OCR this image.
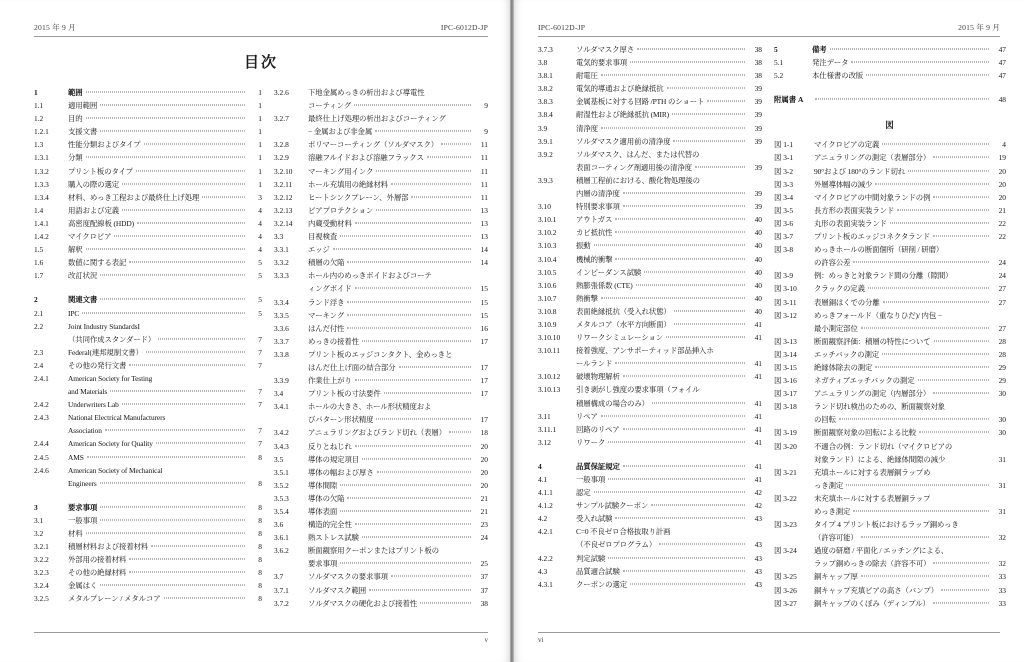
2015 年 9 月	IPC-6012D-JP
目次
1	範囲	1
1.1	適用範囲	1
1.2	目的	1
1.2.1	支援文書	1
1.3	性能分類およびタイプ	1
1.3.1	分類	1
1.3.2	プリント板のタイプ	1
1.3.3	購入の際の選定	1
1.3.4	材料、めっき工程および最終仕上げ処理	3
1.4	用語および定義	4
1.4.1	高密度配線板 (HDD)	4
1.4.2	マイクロビア	4
1.5	解釈	4
1.6	数値に関する表記	5
1.7	改訂状況	5
2	関連文書	5
2.1	IPC	5
2.2	Joint Industry StandardsI
（共同作成スタンダード）	7
2.3	Federal(連邦規制文書）	7
2.4	その他の発行文書	7
2.4.1	American Society for Testing
and Materials	7
2.4.2	Underwriters Lab	7
2.4.3	National Electrical Manufacturers
Association	7
2.4.4	American Society for Quality	7
2.4.5	AMS	8
2.4.6	American Society of Mechanical
Engineers	8
3	要求事項	8
3.1	一般事項	8
3.2	材料	8
3.2.1	積層材料および接着材料	8
3.2.2	外部用の接着材料	8
3.2.3	その他の絶縁材料	8
3.2.4	金属はく	8
3.2.5	メタルプレーン / メタルコア	8
3.2.6	下地金属めっきの析出および導電性
コーティング	9
3.2.7	最終仕上げ処理の析出およびコーティング
− 金属および非金属	9
3.2.8	ポリマーコーティング（ソルダマスク）	11
3.2.9	溶融フルイドおよび溶融フラックス	11
3.2.10	マーキング用インク	11
3.2.11	ホール充填用の絶縁材料	11
3.2.12	ヒートシンクプレーン、外層部	11
3.2.13	ビアプロテクション	13
3.2.14	内蔵受動材料	13
3.3	目視検査	13
3.3.1	エッジ	14
3.3.2	積層の欠陥	14
3.3.3	ホール内のめっきボイドおよびコーテ
ィングボイド	15
3.3.4	ランド浮き	15
3.3.5	マーキング	15
3.3.6	はんだ付性	16
3.3.7	めっきの接着性	17
3.3.8	プリント板のエッジコンタクト、金めっきと
はんだ仕上げ面の結合部分	17
3.3.9	作業仕上がり	17
3.4	プリント板の寸法要件	17
3.4.1	ホールの大きさ、ホール形状精度およ
びパターン形状精度	17
3.4.2	アニュラリングおよびランド切れ（表層）	18
3.4.3	反りとねじれ	20
3.5	導体の規定項目	20
3.5.1	導体の幅および厚さ	20
3.5.2	導体間隙	20
3.5.3	導体の欠陥	21
3.5.4	導体表面	21
3.6	構造的完全性	23
3.6.1	熱ストレス試験	24
3.6.2	断面観察用クーポンまたはプリント板の
要求事項	25
3.7	ソルダマスクの要求事項	37
3.7.1	ソルダマスク範囲	37
3.7.2	ソルダマスクの硬化および接着性	38
v
IPC-6012D-JP	2015 年 9 月
3.7.3	ソルダマスク厚さ	38
3.8	電気的要求事項	38
3.8.1	耐電圧	38
3.8.2	電気的導通および絶縁抵抗	39
3.8.3	金属基板に対する回路 /PTH のショート	39
3.8.4	耐湿性および絶縁抵抗 (MIR)	39
3.9	清浄度	39
3.9.1	ソルダマスク適用前の清浄度	39
3.9.2	ソルダマスク、はんだ、または代替の
表面コーティング剤適用後の清浄度	39
3.9.3	積層工程前における、酸化物処理後の
内層の清浄度	39
3.10	特別要求事項	39
3.10.1	アウトガス	40
3.10.2	カビ抵抗性	40
3.10.3	振動	40
3.10.4	機械的衝撃	40
3.10.5	インピーダンス試験	40
3.10.6	熱膨張係数 (CTE)	40
3.10.7	熱衝撃	40
3.10.8	表面絶縁抵抗（受入れ状態）	40
3.10.9	メタルコア（水平方向断面）	41
3.10.10	リワークシミュレーション	41
3.10.11	接着強度、アンサポーティッド部品挿入ホ
ールランド	41
3.10.12	破壊物理解析	41
3.10.13	引き剥がし強度の要求事項（フォイル
積層構成の場合のみ）	41
3.11	リペア	41
3.11.1	回路のリペア	41
3.12	リワーク	41
4	品質保証規定	41
4.1	一般事項	41
4.1.1	認定	42
4.1.2	サンプル試験クーポン	42
4.2	受入れ試験	43
4.2.1	C=0 不良ゼロ合格抜取り計画
（不良ゼロプログラム）	43
4.2.2	判定試験	43
4.3	品質適合試験	43
4.3.1	クーポンの選定	43
5	備考	47
5.1	発注データ	47
5.2	本仕様書の改版	47
附属書 A	48
図
図 1-1	マイクロビアの定義	4
図 3-1	アニュラリングの測定（表層部分）	19
図 3-2	90°および 180°のランド切れ	20
図 3-3	外層導体幅の減少	20
図 3-4	マイクロビアの中間対象ランドの例	20
図 3-5	長方形の表面実装ランド	21
図 3-6	丸形の表面実装ランド	22
図 3-7	プリント板のエッジコネクタランド	22
図 3-8	めっきホールの断面個所（研削 / 研磨）
の許容公差	24
図 3-9	例：めっきと対象ランド間の分離（隙間）	24
図 3-10	クラックの定義	27
図 3-11	表層銅はくでの分離	27
図 3-12	めっきフォールド（重なりひだ)/ 内包 −
最小測定部位	27
図 3-13	断面観察評価：積層の特性について	28
図 3-14	エッチバックの測定	28
図 3-15	絶縁体除去の測定	29
図 3-16	ネガティブエッチバックの測定	29
図 3-17	アニュラリングの測定（内層部分）	30
図 3-18	ランド切れ検出のための、断面観察対象
の回転	30
図 3-19	断面観察対象の回転による比較	30
図 3-20	不適合の例：ランド切れ（マイクロビアの
対象ランド）による、絶縁体間隙の減少	31
図 3-21	充填ホールに対する表層銅ラップめ
っき測定	31
図 3-22	未充填ホールに対する表層銅ラップ
めっき測定	31
図 3-23	タイプ 4 プリント板におけるラップ銅めっき
（許容可能）	32
図 3-24	過度の研磨 / 平面化 / エッチングによる、
ラップ銅めっきの除去（許容不可）	32
図 3-25	銅キャップ厚	33
図 3-26	銅キャップ充填ビアの高さ（バンプ）	33
図 3-27	銅キャップのくぼみ（ディンプル）	33
vi
